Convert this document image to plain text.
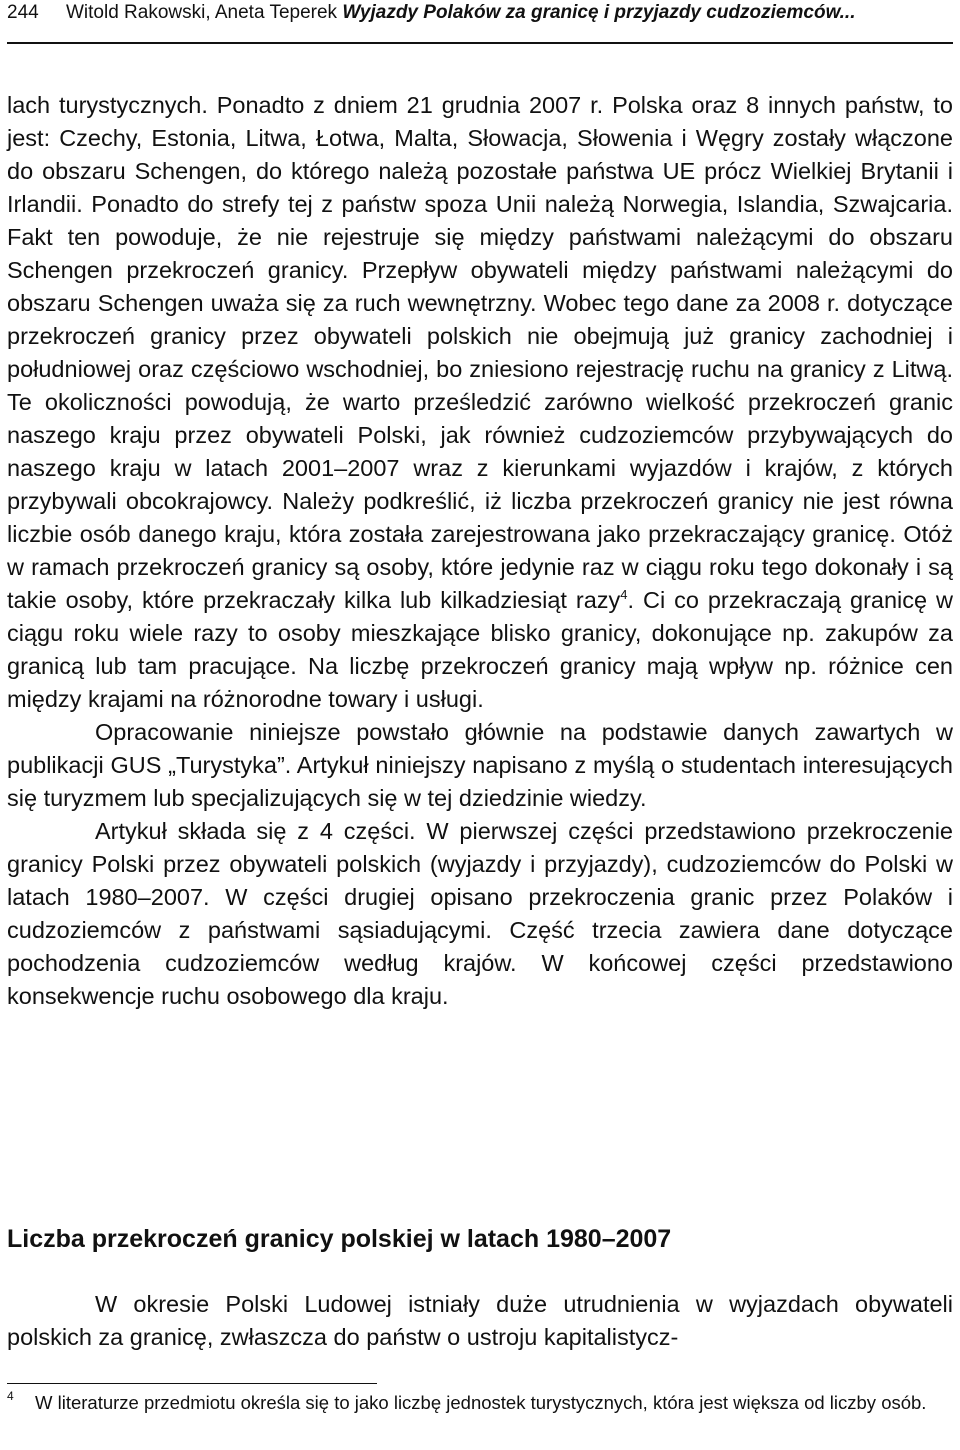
244 Witold Rakowski, Aneta Teperek Wyjazdy Polaków za granicę i przyjazdy cudzoziemców...

lach turystycznych. Ponadto z dniem 21 grudnia 2007 r. Polska oraz 8 innych państw, to jest: Czechy, Estonia, Litwa, Łotwa, Malta, Słowacja, Słowenia i Węgry zostały włączone do obszaru Schengen, do którego należą pozostałe państwa UE prócz Wielkiej Brytanii i Irlandii. Ponadto do strefy tej z państw spoza Unii należą Norwegia, Islandia, Szwajcaria. Fakt ten powoduje, że nie rejestruje się między państwami należącymi do obszaru Schengen przekroczeń granicy. Przepływ obywateli między państwami należącymi do obszaru Schengen uważa się za ruch wewnętrzny. Wobec tego dane za 2008 r. dotyczące przekroczeń granicy przez obywateli polskich nie obejmują już granicy zachodniej i południowej oraz częściowo wschodniej, bo zniesiono rejestrację ruchu na granicy z Litwą. Te okoliczności powodują, że warto prześledzić zarówno wielkość przekroczeń granic naszego kraju przez obywateli Polski, jak również cudzoziemców przybywających do naszego kraju w latach 2001–2007 wraz z kierunkami wyjazdów i krajów, z których przybywali obcokrajowcy. Należy podkreślić, iż liczba przekroczeń granicy nie jest równa liczbie osób danego kraju, która została zarejestrowana jako przekraczający granicę. Otóż w ramach przekroczeń granicy są osoby, które jedynie raz w ciągu roku tego dokonały i są takie osoby, które przekraczały kilka lub kilkadziesiąt razy$^4$. Ci co przekraczają granicę w ciągu roku wiele razy to osoby mieszkające blisko granicy, dokonujące np. zakupów za granicą lub tam pracujące. Na liczbę przekroczeń granicy mają wpływ np. różnice cen między krajami na różnorodne towary i usługi.

Opracowanie niniejsze powstało głównie na podstawie danych zawartych w publikacji GUS „Turystyka”. Artykuł niniejszy napisano z myślą o studentach interesujących się turyzmem lub specjalizujących się w tej dziedzinie wiedzy.

Artykuł składa się z 4 części. W pierwszej części przedstawiono przekroczenie granicy Polski przez obywateli polskich (wyjazdy i przyjazdy), cudzoziemców do Polski w latach 1980–2007. W części drugiej opisano przekroczenia granic przez Polaków i cudzoziemców z państwami sąsiadującymi. Część trzecia zawiera dane dotyczące pochodzenia cudzoziemców według krajów. W końcowej części przedstawiono konsekwencje ruchu osobowego dla kraju.

Liczba przekroczeń granicy polskiej w latach 1980–2007

W okresie Polski Ludowej istniały duże utrudnienia w wyjazdach obywateli polskich za granicę, zwłaszcza do państw o ustroju kapitalistycz-

4 W literaturze przedmiotu określa się to jako liczbę jednostek turystycznych, która jest większa od liczby osób.
